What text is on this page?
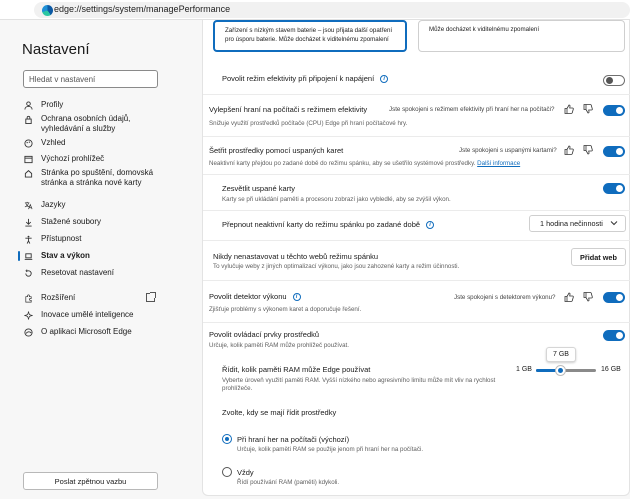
edge://settings/system/managePerformance
Nastavení
Hledat v nastavení
Profily
Ochrana osobních údajů, vyhledávání a služby
Vzhled
Výchozí prohlížeč
Stránka po spuštění, domovská stránka a stránka nové karty
Jazyky
Stažené soubory
Přístupnost
Stav a výkon
Resetovat nastavení
Rozšíření
Inovace umělé inteligence
O aplikaci Microsoft Edge
Poslat zpětnou vazbu
Zařízení s nízkým stavem baterie – jsou přijata další opatření pro úsporu baterie. Může docházet k viditelnému zpomalení
Může docházet k viditelnému zpomalení
Povolit režim efektivity při připojení k napájení i
Vylepšení hraní na počítači s režimem efektivity	Jste spokojeni s režimem efektivity při hraní her na počítači?
Snižuje využití prostředků počítače (CPU) Edge při hraní počítačové hry.
Šetřit prostředky pomocí uspaných karet	Jste spokojeni s uspanými kartami?
Neaktivní karty přejdou po zadané době do režimu spánku, aby se ušetřilo systémové prostředky. Další informace
Zesvětlit uspané karty
Karty se při ukládání paměti a procesoru zobrazí jako vybledlé, aby se zvýšil výkon.
Přepnout neaktivní karty do režimu spánku po zadané době i	1 hodina nečinnosti
Nikdy nenastavovat u těchto webů režimu spánku
To vylučuje weby z jiných optimalizací výkonu, jako jsou zahozené karty a režim účinnosti.
Přidat web
Povolit detektor výkonu i	Jste spokojeni s detektorem výkonu?
Zjišťuje problémy s výkonem karet a doporučuje řešení.
Povolit ovládací prvky prostředků
Určuje, kolik paměti RAM může prohlížeč používat.
Řídit, kolik paměti RAM může Edge používat
Vyberte úroveň využití paměti RAM. Vyšší nízkého nebo agresivního limitu může mít vliv na rychlost
prohlížeče.
1 GB
7 GB
16 GB
Zvolte, kdy se mají řídit prostředky
Při hraní her na počítači (výchozí)
Určuje, kolik paměti RAM se použije jenom při hraní her na počítači.
Vždy
Řídí používání RAM (paměti) kdykoli.
